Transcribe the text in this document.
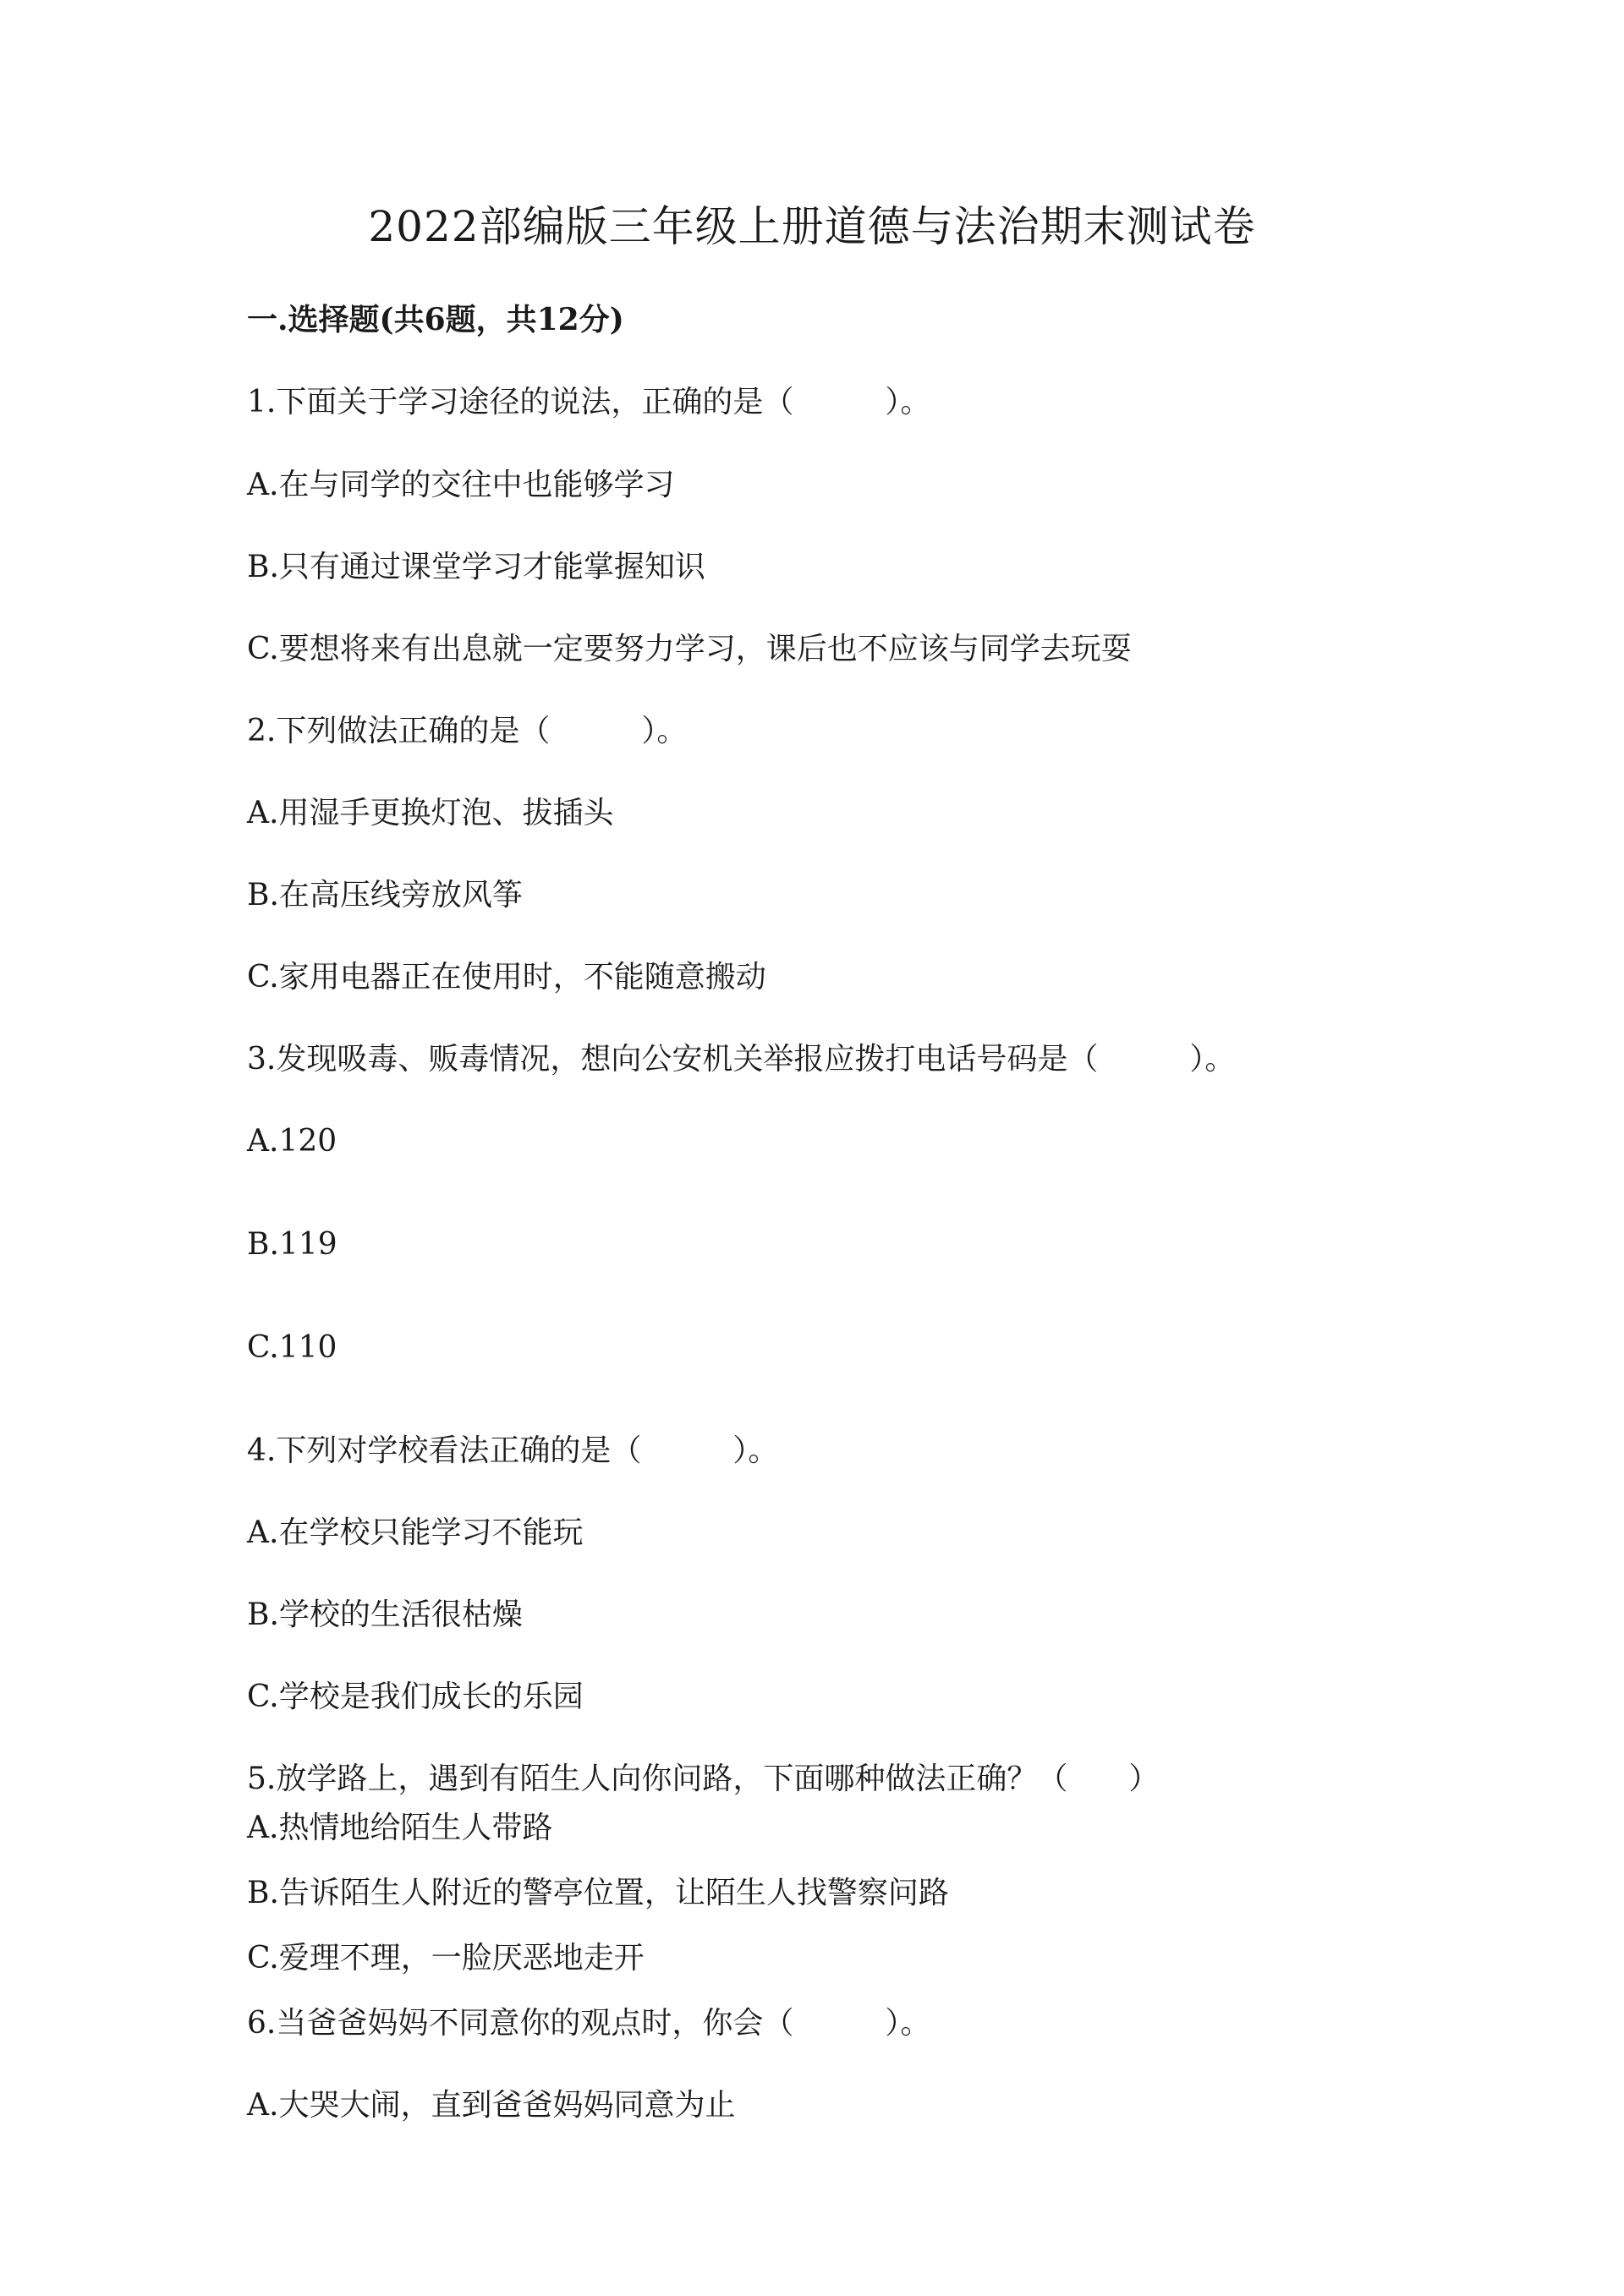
2022部编版三年级上册道德与法治期末测试卷
一.选择题(共6题，共12分)
1.下面关于学习途径的说法，正确的是（　　　）。
A.在与同学的交往中也能够学习
B.只有通过课堂学习才能掌握知识
C.要想将来有出息就一定要努力学习，课后也不应该与同学去玩耍
2.下列做法正确的是（　　　）。
A.用湿手更换灯泡、拔插头
B.在高压线旁放风筝
C.家用电器正在使用时，不能随意搬动
3.发现吸毒、贩毒情况，想向公安机关举报应拨打电话号码是（　　　）。
A.120
B.119
C.110
4.下列对学校看法正确的是（　　　）。
A.在学校只能学习不能玩
B.学校的生活很枯燥
C.学校是我们成长的乐园
5.放学路上，遇到有陌生人向你问路，下面哪种做法正确？（　　）
A.热情地给陌生人带路
B.告诉陌生人附近的警亭位置，让陌生人找警察问路
C.爱理不理，一脸厌恶地走开
6.当爸爸妈妈不同意你的观点时，你会（　　　）。
A.大哭大闹，直到爸爸妈妈同意为止
